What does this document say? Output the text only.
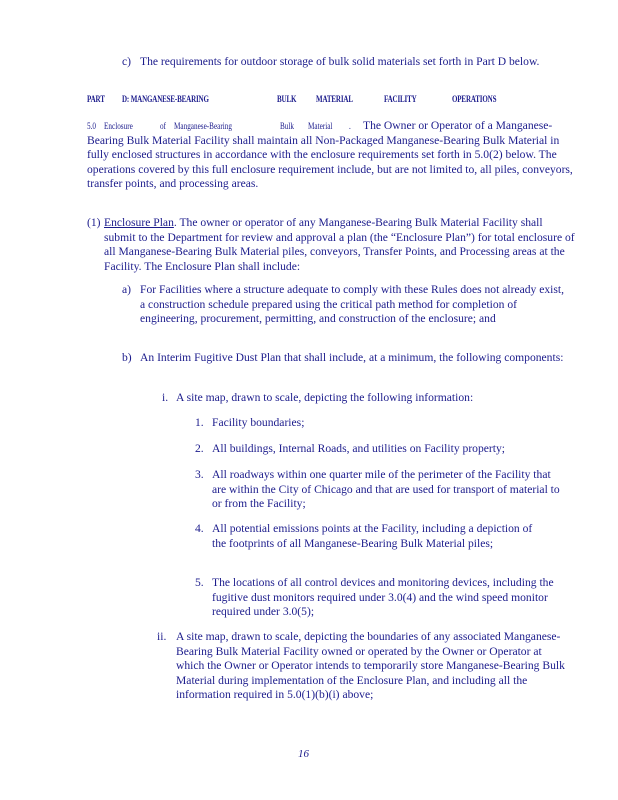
c) The requirements for outdoor storage of bulk solid materials set forth in Part D below.
PART D: MANGANESE-BEARING	BULK MATERIAL	FACILITY	OPERATIONS
The Owner or Operator of a Manganese-Bearing Bulk Material Facility shall maintain all Non-Packaged Manganese-Bearing Bulk Material in fully enclosed structures in accordance with the enclosure requirements set forth in 5.0(2) below. The operations covered by this full enclosure requirement include, but are not limited to, all piles, conveyors, transfer points, and processing areas.
5.0 Enclosure	of Manganese-Bearing	Bulk Material .
(1) Enclosure Plan. The owner or operator of any Manganese-Bearing Bulk Material Facility shall submit to the Department for review and approval a plan (the “Enclosure Plan”) for total enclosure of all Manganese-Bearing Bulk Material piles, conveyors, Transfer Points, and Processing areas at the Facility. The Enclosure Plan shall include:
a) For Facilities where a structure adequate to comply with these Rules does not already exist, a construction schedule prepared using the critical path method for completion of engineering, procurement, permitting, and construction of the enclosure; and
b) An Interim Fugitive Dust Plan that shall include, at a minimum, the following components:
i. A site map, drawn to scale, depicting the following information:
1. Facility boundaries;
2. All buildings, Internal Roads, and utilities on Facility property;
3. All roadways within one quarter mile of the perimeter of the Facility that are within the City of Chicago and that are used for transport of material to or from the Facility;
4. All potential emissions points at the Facility, including a depiction of the footprints of all Manganese-Bearing Bulk Material piles;
5. The locations of all control devices and monitoring devices, including the fugitive dust monitors required under 3.0(4) and the wind speed monitor required under 3.0(5);
ii. A site map, drawn to scale, depicting the boundaries of any associated Manganese-Bearing Bulk Material Facility owned or operated by the Owner or Operator at which the Owner or Operator intends to temporarily store Manganese-Bearing Bulk Material during implementation of the Enclosure Plan, and including all the information required in 5.0(1)(b)(i) above;
16
